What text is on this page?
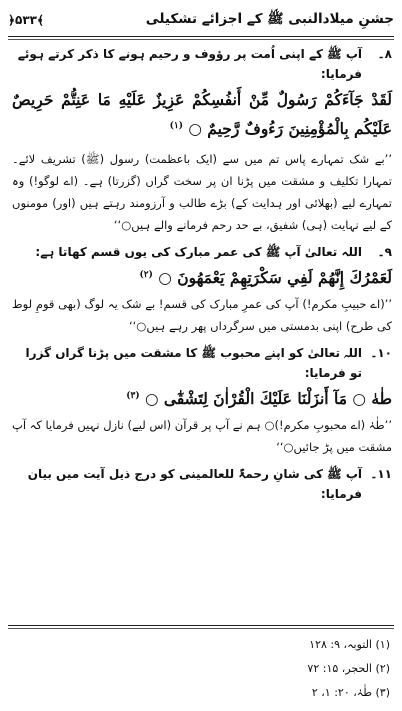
جشنِ میلادالنبی ﷺ کے اجزائے تشکیلی
﴾۵۳۳﴿
۸۔
آپ ﷺ کے اپنی اُمت پر رؤوف و رحیم ہونے کا ذکر کرتے ہوئے فرمایا:
لَقَدْ جَآءَكُمْ رَسُولٌ مِّنْ أَنفُسِكُمْ عَزِيزٌ عَلَيْهِ مَا عَنِتُّمْ حَرِيصٌ عَلَيْكُم بِالْمُؤْمِنِينَ رَءُوفٌ رَّحِيمٌ ○ $^{(۱)}$
’’بے شک تمہارے پاس تم میں سے (ایک باعظمت) رسول (ﷺ) تشریف لائے۔ تمہارا تکلیف و مشقت میں پڑنا ان پر سخت گراں (گزرتا) ہے۔ (اے لوگو!) وہ تمہارے لیے (بھلائی اور ہدایت کے) بڑے طالب و آرزومند رہتے ہیں (اور) مومنوں کے لیے نہایت (ہی) شفیق، بے حد رحم فرمانے والے ہیں○‘‘
۹۔
اللہ تعالیٰ آپ ﷺ کی عمر مبارک کی یوں قسم کھاتا ہے:
لَعَمْرُكَ إِنَّهُمْ لَفِي سَكْرَتِهِمْ يَعْمَهُونَ ○ $^{(۲)}$
’’(اے حبیبِ مکرم!) آپ کی عمرِ مبارک کی قسم! بے شک یہ لوگ (بھی قومِ لوط کی طرح) اپنی بدمستی میں سرگرداں پھر رہے ہیں○‘‘
۱۰۔
اللہ تعالیٰ کو اپنے محبوب ﷺ کا مشقت میں پڑنا گراں گزرا تو فرمایا:
طٰهٰ ○ مَآ أَنزَلْنَا عَلَيْكَ الْقُرْاٰنَ لِتَشْقٰٓى ○ $^{(۳)}$
’’طٰہٰ (اے محبوبِ مکرم!)○ ہم نے آپ پر قرآن (اس لیے) نازل نہیں فرمایا کہ آپ مشقت میں پڑ جائیں○‘‘
۱۱۔
آپ ﷺ کی شانِ رحمۃٌ للعالمینی کو درج ذیل آیت میں بیان فرمایا:
(۱) التوبہ، ۹: ۱۲۸
(۲) الحجر، ۱۵: ۷۲
(۳) طٰہٰ، ۲۰: ۱، ۲
